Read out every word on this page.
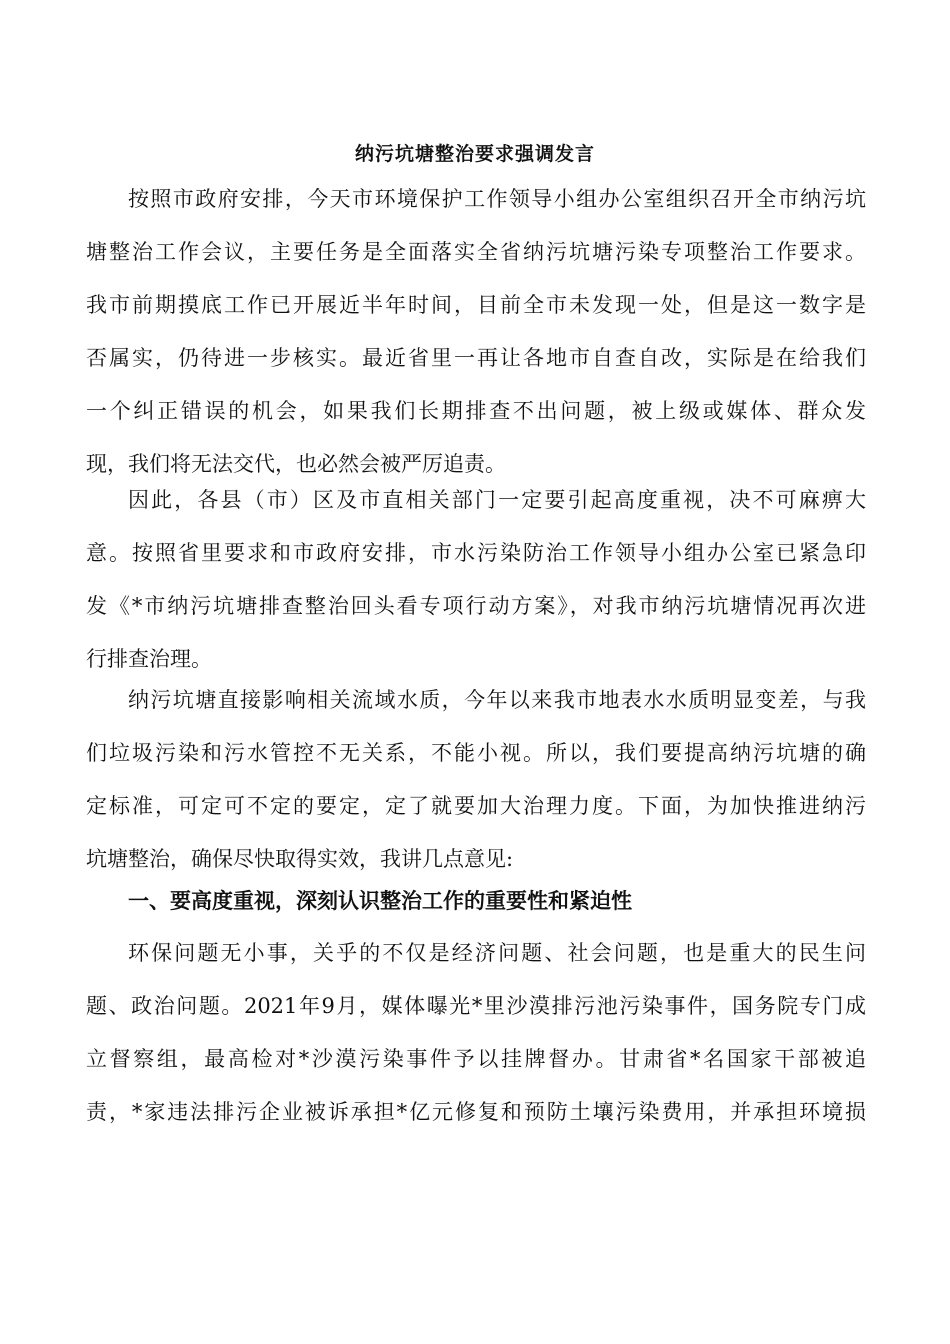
纳污坑塘整治要求强调发言
按照市政府安排，今天市环境保护工作领导小组办公室组织召开全市纳污坑
塘整治工作会议，主要任务是全面落实全省纳污坑塘污染专项整治工作要求。
我市前期摸底工作已开展近半年时间，目前全市未发现一处，但是这一数字是
否属实，仍待进一步核实。最近省里一再让各地市自查自改，实际是在给我们
一个纠正错误的机会，如果我们长期排查不出问题，被上级或媒体、群众发
现，我们将无法交代，也必然会被严厉追责。
因此，各县（市）区及市直相关部门一定要引起高度重视，决不可麻痹大
意。按照省里要求和市政府安排，市水污染防治工作领导小组办公室已紧急印
发《*市纳污坑塘排查整治回头看专项行动方案》，对我市纳污坑塘情况再次进
行排查治理。
纳污坑塘直接影响相关流域水质，今年以来我市地表水水质明显变差，与我
们垃圾污染和污水管控不无关系，不能小视。所以，我们要提高纳污坑塘的确
定标准，可定可不定的要定，定了就要加大治理力度。下面，为加快推进纳污
坑塘整治，确保尽快取得实效，我讲几点意见:
一、要高度重视，深刻认识整治工作的重要性和紧迫性
环保问题无小事，关乎的不仅是经济问题、社会问题，也是重大的民生问
题、政治问题。2021年9月，媒体曝光*里沙漠排污池污染事件，国务院专门成
立督察组，最高检对*沙漠污染事件予以挂牌督办。甘肃省*名国家干部被追
责，*家违法排污企业被诉承担*亿元修复和预防土壤污染费用，并承担环境损
